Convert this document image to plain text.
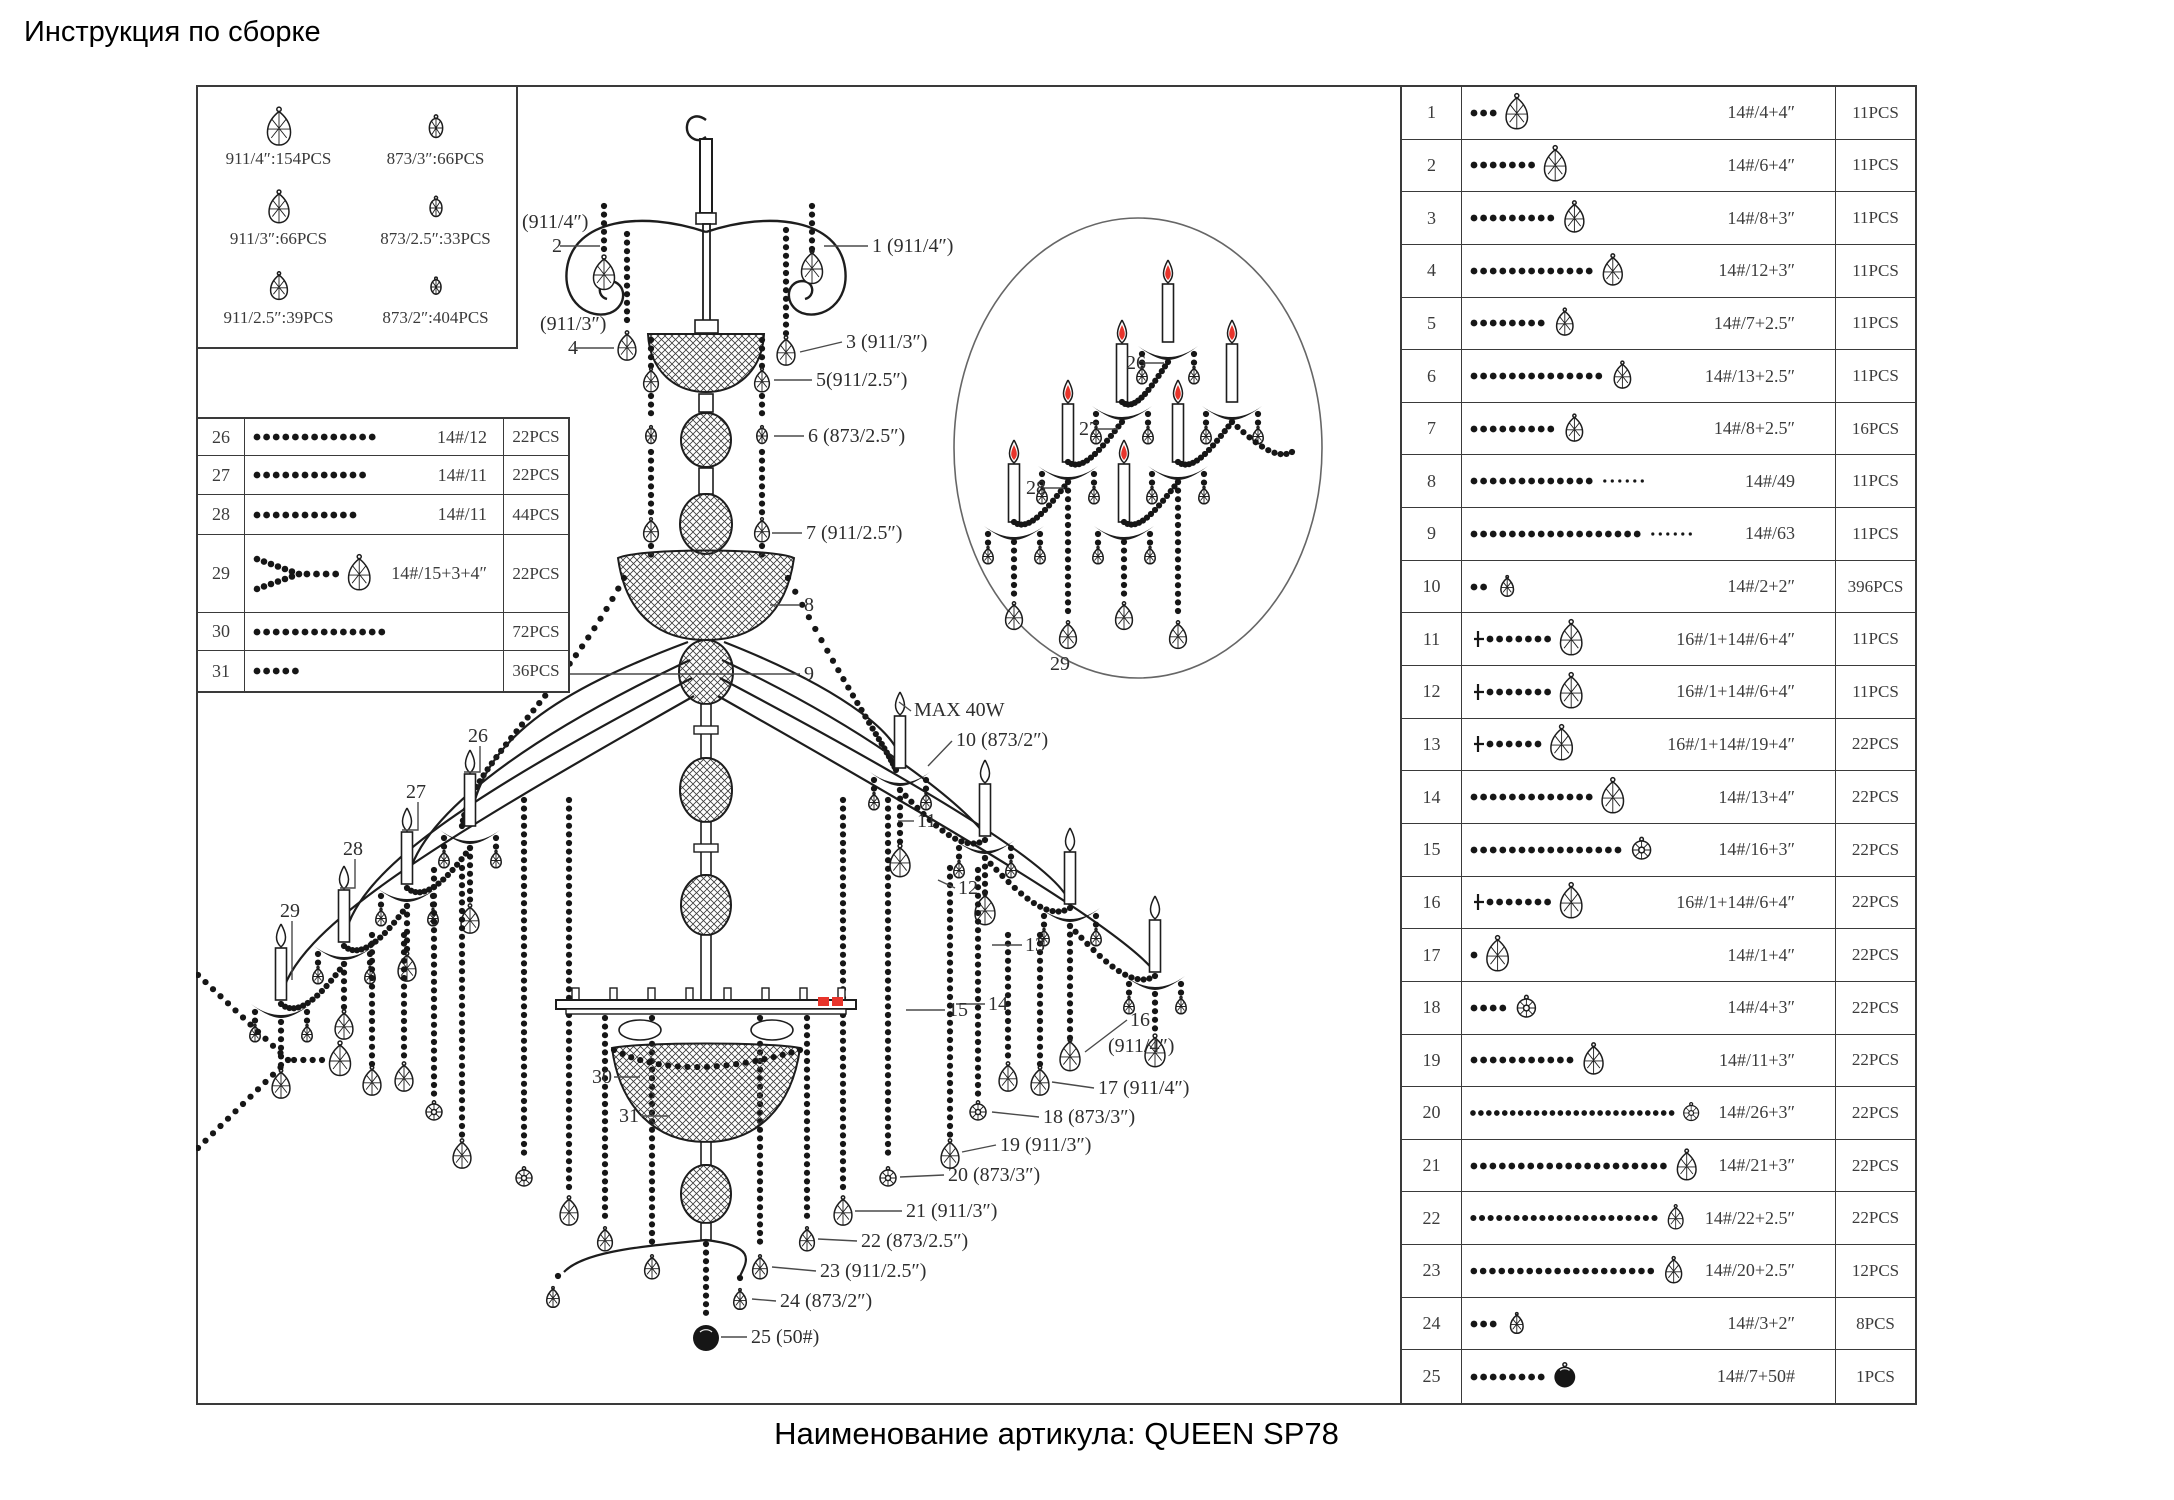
Инструкция по сборке
(911/4″)
2
(911/3″)
4
1 (911/4″)
3 (911/3″)
5(911/2.5″)
6 (873/2.5″)
7 (911/2.5″)
8
9
MAX 40W
10 (873/2″)
11
12
13
14
15	16
(911/4″)
17 (911/4″)
18 (873/3″)
19 (911/3″)
20 (873/3″)
21 (911/3″)
22 (873/2.5″)
23 (911/2.5″)
24 (873/2″)
25 (50#)
30
31
26
27
28
29
26
27
28
29
911/4″:154PCS	873/3″:66PCS
911/3″:66PCS	873/2.5″:33PCS
911/2.5″:39PCS	873/2″:404PCS
26	14#/12	22PCS
27	14#/11	22PCS
28	14#/11	44PCS
29	14#/15+3+4″	22PCS
30	72PCS
31	36PCS
1	14#/4+4″	11PCS
2	14#/6+4″	11PCS
3	14#/8+3″	11PCS
4	14#/12+3″	11PCS
5	14#/7+2.5″	11PCS
6	14#/13+2.5″	11PCS
7	14#/8+2.5″	16PCS
8	14#/49	11PCS
9	14#/63	11PCS
10	14#/2+2″	396PCS
11	16#/1+14#/6+4″	11PCS
12	16#/1+14#/6+4″	11PCS
13	16#/1+14#/19+4″	22PCS
14	14#/13+4″	22PCS
15	14#/16+3″	22PCS
16	16#/1+14#/6+4″	22PCS
17	14#/1+4″	22PCS
18	14#/4+3″	22PCS
19	14#/11+3″	22PCS
20	14#/26+3″	22PCS
21	14#/21+3″	22PCS
22	14#/22+2.5″	22PCS
23	14#/20+2.5″	12PCS
24	14#/3+2″	8PCS
25	14#/7+50#	1PCS
Наименование артикула: QUEEN SP78
